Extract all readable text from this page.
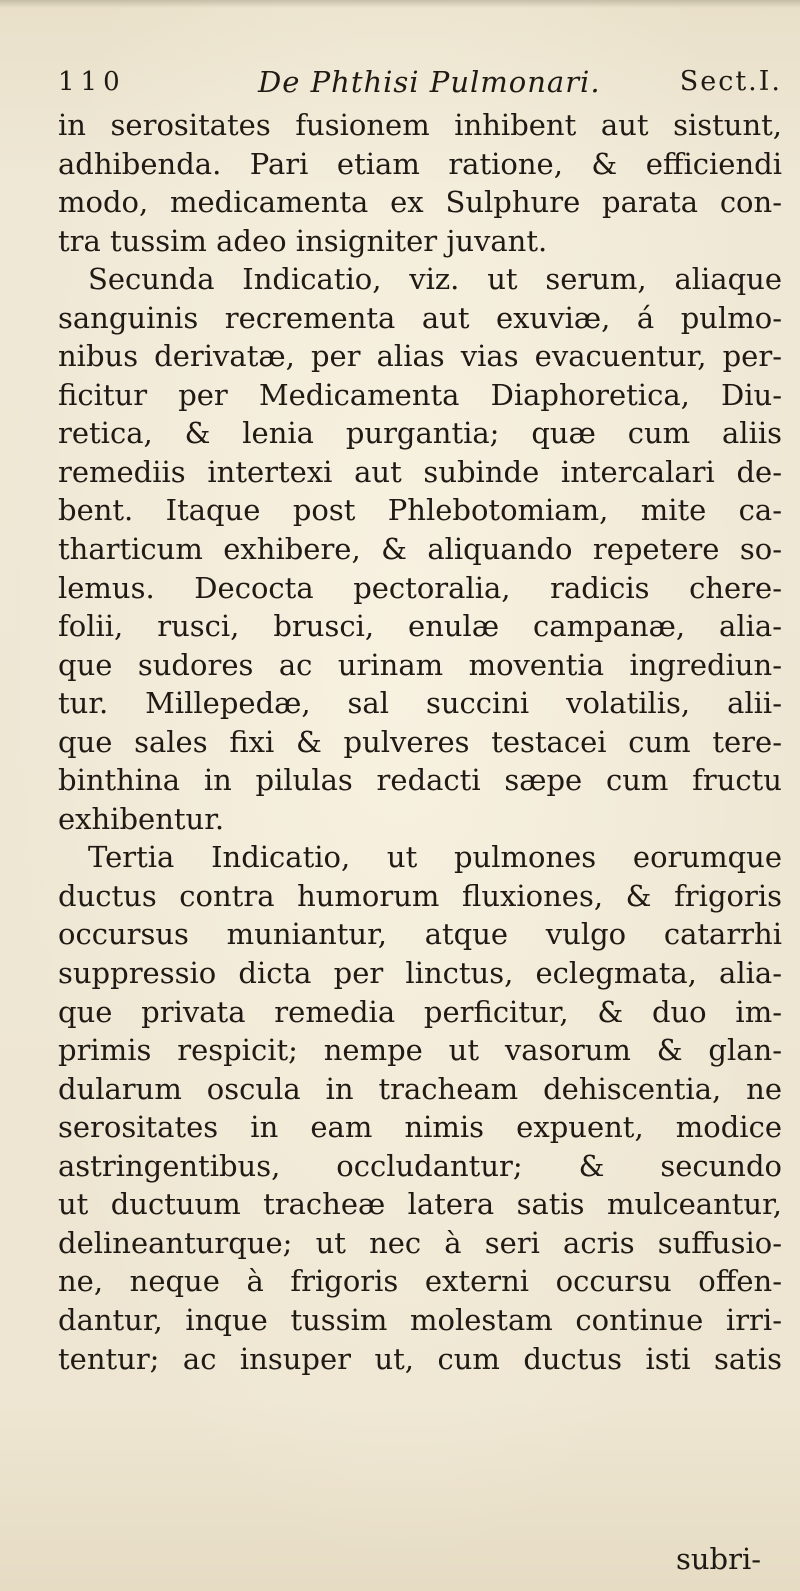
110	De Phthisi Pulmonari.	Sect.I.
in serositates fusionem inhibent aut sistunt,
adhibenda. Pari etiam ratione, & efficiendi
modo, medicamenta ex Sulphure parata con-
tra tussim adeo insigniter juvant.
Secunda Indicatio, viz. ut serum, aliaque
sanguinis recrementa aut exuviæ, á pulmo-
nibus derivatæ, per alias vias evacuentur, per-
ficitur per Medicamenta Diaphoretica, Diu-
retica, & lenia purgantia; quæ cum aliis
remediis intertexi aut subinde intercalari de-
bent. Itaque post Phlebotomiam, mite ca-
tharticum exhibere, & aliquando repetere so-
lemus. Decocta pectoralia, radicis chere-
folii, rusci, brusci, enulæ campanæ, alia-
que sudores ac urinam moventia ingrediun-
tur. Millepedæ, sal succini volatilis, alii-
que sales fixi & pulveres testacei cum tere-
binthina in pilulas redacti sæpe cum fructu
exhibentur.
Tertia Indicatio, ut pulmones eorumque
ductus contra humorum fluxiones, & frigoris
occursus muniantur, atque vulgo catarrhi
suppressio dicta per linctus, eclegmata, alia-
que privata remedia perficitur, & duo im-
primis respicit; nempe ut vasorum & glan-
dularum oscula in tracheam dehiscentia, ne
serositates in eam nimis expuent, modice
astringentibus, occludantur; & secundo
ut ductuum tracheæ latera satis mulceantur,
delineanturque; ut nec à seri acris suffusio-
ne, neque à frigoris externi occursu offen-
dantur, inque tussim molestam continue irri-
tentur; ac insuper ut, cum ductus isti satis
subri-
